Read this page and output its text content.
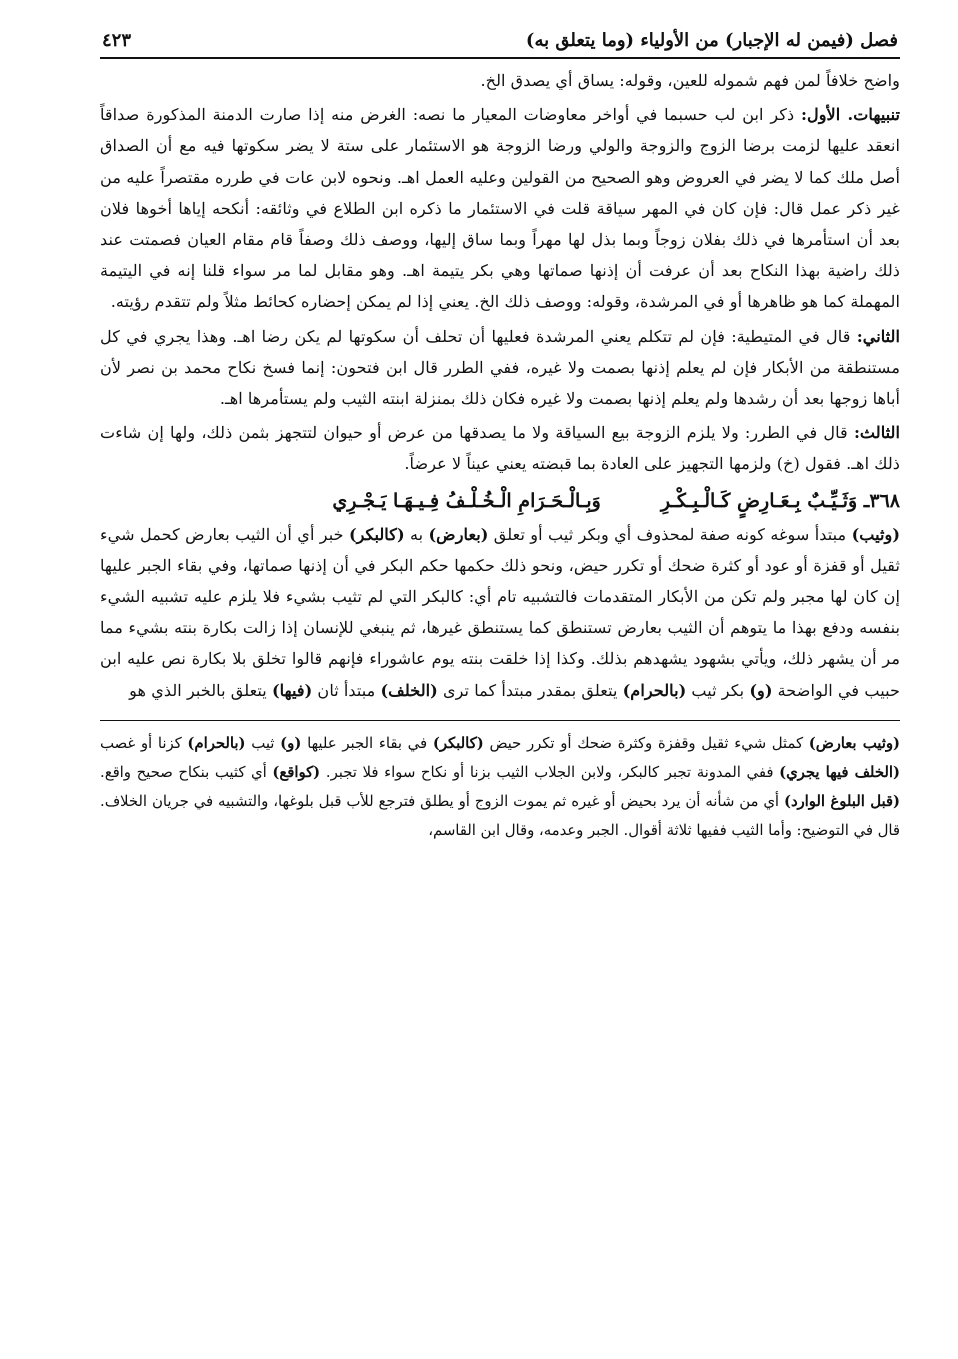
فصل (فيمن له الإجبار) من الأولياء (وما يتعلق به)
٤٢٣

واضح خلافاً لمن فهم شموله للعين، وقوله: يساق أي يصدق الخ.

تنبيهات. الأول: ذكر ابن لب حسبما في أواخر معاوضات المعيار ما نصه: الغرض منه إذا صارت الدمنة المذكورة صداقاً انعقد عليها لزمت برضا الزوج والزوجة والولي ورضا الزوجة هو الاستئمار على ستة لا يضر سكوتها فيه مع أن الصداق أصل ملك كما لا يضر في العروض وهو الصحيح من القولين وعليه العمل اهـ. ونحوه لابن عات في طرره مقتصراً عليه من غير ذكر عمل قال: فإن كان في المهر سياقة قلت في الاستئمار ما ذكره ابن الطلاع في وثائقه: أنكحه إياها أخوها فلان بعد أن استأمرها في ذلك بفلان زوجاً وبما بذل لها مهراً وبما ساق إليها، ووصف ذلك وصفاً قام مقام العيان فصمتت عند ذلك راضية بهذا النكاح بعد أن عرفت أن إذنها صماتها وهي بكر يتيمة اهـ. وهو مقابل لما مر سواء قلنا إنه في اليتيمة المهملة كما هو ظاهرها أو في المرشدة، وقوله: ووصف ذلك الخ. يعني إذا لم يمكن إحضاره كحائط مثلاً ولم تتقدم رؤيته.

الثاني: قال في المتيطية: فإن لم تتكلم يعني المرشدة فعليها أن تحلف أن سكوتها لم يكن رضا اهـ. وهذا يجري في كل مستنطقة من الأبكار فإن لم يعلم إذنها بصمت ولا غيره، ففي الطرر قال ابن فتحون: إنما فسخ نكاح محمد بن نصر لأن أباها زوجها بعد أن رشدها ولم يعلم إذنها بصمت ولا غيره فكان ذلك بمنزلة ابنته الثيب ولم يستأمرها اهـ.

الثالث: قال في الطرر: ولا يلزم الزوجة بيع السياقة ولا ما يصدقها من عرض أو حيوان لتتجهز بثمن ذلك، ولها إن شاءت ذلك اهـ. فقول (خ) ولزمها التجهيز على العادة بما قبضته يعني عيناً لا عرضاً.

٣٦٨ـ وَثَـيِّـبٌ بِـعَـارِضٍ كَـالْـبِـكْـرِ
وَبِـالْـحَـرَامِ الْـخُـلْـفُ فِـيـهَـا يَـجْـرِي

(وثيب) مبتدأ سوغه كونه صفة لمحذوف أي وبكر ثيب أو تعلق (بعارض) به (كالبكر) خبر أي أن الثيب بعارض كحمل شيء ثقيل أو قفزة أو عود أو كثرة ضحك أو تكرر حيض، ونحو ذلك حكمها حكم البكر في أن إذنها صماتها، وفي بقاء الجبر عليها إن كان لها مجبر ولم تكن من الأبكار المتقدمات فالتشبيه تام أي: كالبكر التي لم تثيب بشيء فلا يلزم عليه تشبيه الشيء بنفسه ودفع بهذا ما يتوهم أن الثيب بعارض تستنطق كما يستنطق غيرها، ثم ينبغي للإنسان إذا زالت بكارة بنته بشيء مما مر أن يشهر ذلك، ويأتي بشهود يشهدهم بذلك. وكذا إذا خلقت بنته يوم عاشوراء فإنهم قالوا تخلق بلا بكارة نص عليه ابن حبيب في الواضحة (و) بكر ثيب (بالحرام) يتعلق بمقدر مبتدأ كما ترى (الخلف) مبتدأ ثان (فيها) يتعلق بالخبر الذي هو

(وثيب بعارض) كمثل شيء ثقيل وقفزة وكثرة ضحك أو تكرر حيض (كالبكر) في بقاء الجبر عليها (و) ثيب (بالحرام) كزنا أو غصب (الخلف فيها يجري) ففي المدونة تجبر كالبكر، ولابن الجلاب الثيب بزنا أو نكاح سواء فلا تجبر. (كواقع) أي كثيب بنكاح صحيح واقع. (قبل البلوغ الوارد) أي من شأنه أن يرد بحيض أو غيره ثم يموت الزوج أو يطلق فترجع للأب قبل بلوغها، والتشبيه في جريان الخلاف. قال في التوضيح: وأما الثيب ففيها ثلاثة أقوال. الجبر وعدمه، وقال ابن القاسم،
